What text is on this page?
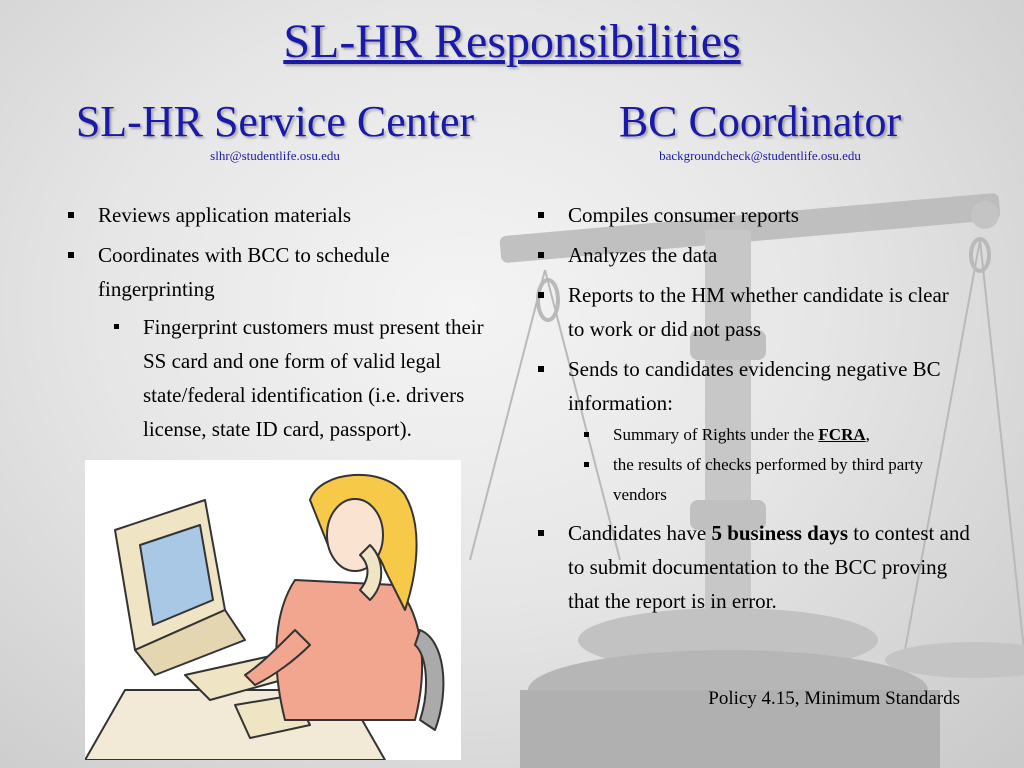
SL-HR Responsibilities
SL-HR Service Center
slhr@studentlife.osu.edu
BC Coordinator
backgroundcheck@studentlife.osu.edu
Reviews application materials
Coordinates with BCC to schedule fingerprinting
Fingerprint customers must present their SS card and one form of valid legal state/federal identification (i.e. drivers license, state ID card, passport).
Compiles consumer reports
Analyzes the data
Reports to the HM whether candidate is clear to work or did not pass
Sends to candidates evidencing negative BC information:
Summary of Rights under the FCRA,
the results of checks performed by third party vendors
Candidates have 5 business days to contest and to submit documentation to the BCC proving that the report is in error.
Policy 4.15, Minimum Standards
